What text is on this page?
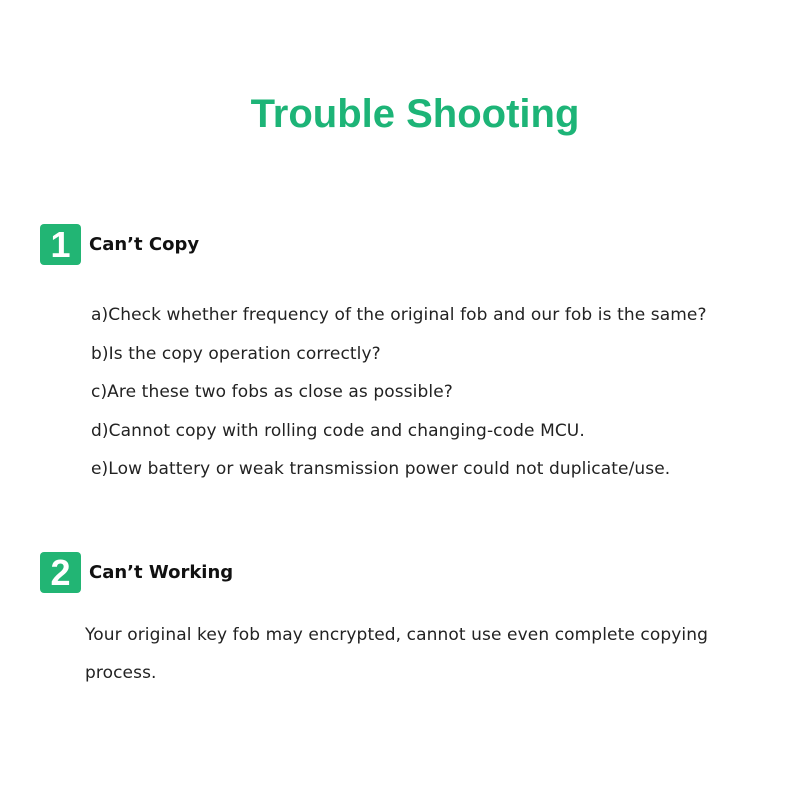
Trouble Shooting
1	Can’t Copy
a)Check whether frequency of the original fob and our fob is the same?
b)Is the copy operation correctly?
c)Are these two fobs as close as possible?
d)Cannot copy with rolling code and changing-code MCU.
e)Low battery or weak transmission power could not duplicate/use.
2	Can’t Working

Your original key fob may encrypted, cannot use even complete copying process.
